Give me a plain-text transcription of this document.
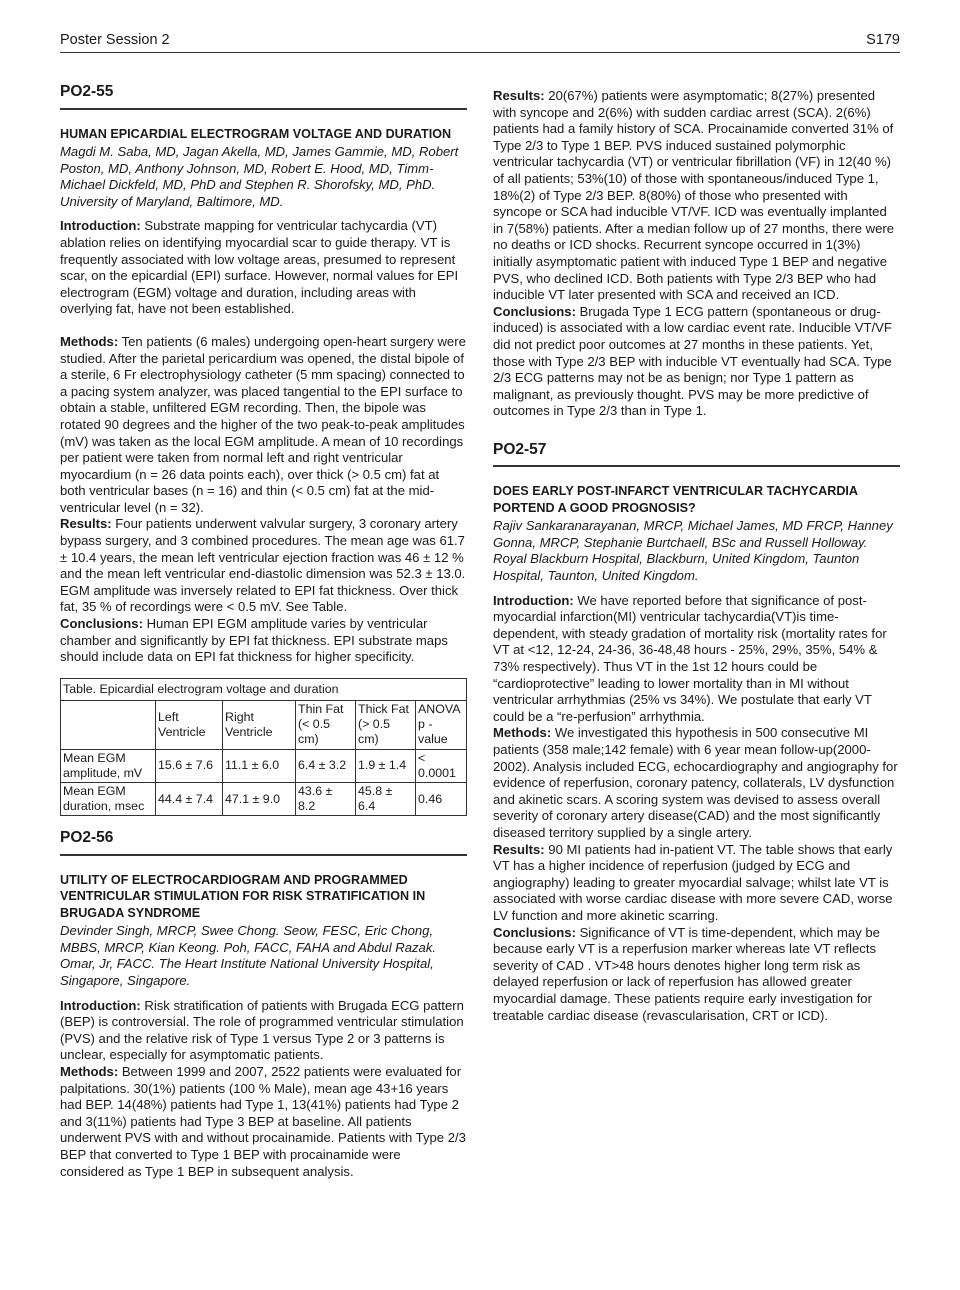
Poster Session 2	S179
PO2-55
HUMAN EPICARDIAL ELECTROGRAM VOLTAGE AND DURATION

Magdi M. Saba, MD, Jagan Akella, MD, James Gammie, MD, Robert Poston, MD, Anthony Johnson, MD, Robert E. Hood, MD, Timm-Michael Dickfeld, MD, PhD and Stephen R. Shorofsky, MD, PhD. University of Maryland, Baltimore, MD.

Introduction: Substrate mapping for ventricular tachycardia (VT) ablation relies on identifying myocardial scar to guide therapy. VT is frequently associated with low voltage areas, presumed to represent scar, on the epicardial (EPI) surface. However, normal values for EPI electrogram (EGM) voltage and duration, including areas with overlying fat, have not been established.

Methods: Ten patients (6 males) undergoing open-heart surgery were studied. After the parietal pericardium was opened, the distal bipole of a sterile, 6 Fr electrophysiology catheter (5 mm spacing) connected to a pacing system analyzer, was placed tangential to the EPI surface to obtain a stable, unfiltered EGM recording. Then, the bipole was rotated 90 degrees and the higher of the two peak-to-peak amplitudes (mV) was taken as the local EGM amplitude. A mean of 10 recordings per patient were taken from normal left and right ventricular myocardium (n = 26 data points each), over thick (> 0.5 cm) fat at both ventricular bases (n = 16) and thin (< 0.5 cm) fat at the mid-ventricular level (n = 32).

Results: Four patients underwent valvular surgery, 3 coronary artery bypass surgery, and 3 combined procedures. The mean age was 61.7 ± 10.4 years, the mean left ventricular ejection fraction was 46 ± 12 % and the mean left ventricular end-diastolic dimension was 52.3 ± 13.0. EGM amplitude was inversely related to EPI fat thickness. Over thick fat, 35 % of recordings were < 0.5 mV. See Table.

Conclusions: Human EPI EGM amplitude varies by ventricular chamber and significantly by EPI fat thickness. EPI substrate maps should include data on EPI fat thickness for higher specificity.

Table. Epicardial electrogram voltage and duration					
	Left Ventricle	Right Ventricle	Thin Fat (< 0.5 cm)	Thick Fat (> 0.5 cm)	ANOVA p - value
Mean EGM amplitude, mV	15.6 ± 7.6	11.1 ± 6.0	6.4 ± 3.2	1.9 ± 1.4	< 0.0001
Mean EGM duration, msec	44.4 ± 7.4	47.1 ± 9.0	43.6 ± 8.2	45.8 ± 6.4	0.46
PO2-56
UTILITY OF ELECTROCARDIOGRAM AND PROGRAMMED VENTRICULAR STIMULATION FOR RISK STRATIFICATION IN BRUGADA SYNDROME

Devinder Singh, MRCP, Swee Chong. Seow, FESC, Eric Chong, MBBS, MRCP, Kian Keong. Poh, FACC, FAHA and Abdul Razak. Omar, Jr, FACC. The Heart Institute National University Hospital, Singapore, Singapore.

Introduction: Risk stratification of patients with Brugada ECG pattern (BEP) is controversial. The role of programmed ventricular stimulation (PVS) and the relative risk of Type 1 versus Type 2 or 3 patterns is unclear, especially for asymptomatic patients.

Methods: Between 1999 and 2007, 2522 patients were evaluated for palpitations. 30(1%) patients (100 % Male), mean age 43+16 years had BEP. 14(48%) patients had Type 1, 13(41%) patients had Type 2 and 3(11%) patients had Type 3 BEP at baseline. All patients underwent PVS with and without procainamide. Patients with Type 2/3 BEP that converted to Type 1 BEP with procainamide were considered as Type 1 BEP in subsequent analysis.

Results: 20(67%) patients were asymptomatic; 8(27%) presented with syncope and 2(6%) with sudden cardiac arrest (SCA). 2(6%) patients had a family history of SCA. Procainamide converted 31% of Type 2/3 to Type 1 BEP. PVS induced sustained polymorphic ventricular tachycardia (VT) or ventricular fibrillation (VF) in 12(40 %) of all patients; 53%(10) of those with spontaneous/induced Type 1, 18%(2) of Type 2/3 BEP. 8(80%) of those who presented with syncope or SCA had inducible VT/VF. ICD was eventually implanted in 7(58%) patients. After a median follow up of 27 months, there were no deaths or ICD shocks. Recurrent syncope occurred in 1(3%) initially asymptomatic patient with induced Type 1 BEP and negative PVS, who declined ICD. Both patients with Type 2/3 BEP who had inducible VT later presented with SCA and received an ICD.

Conclusions: Brugada Type 1 ECG pattern (spontaneous or drug-induced) is associated with a low cardiac event rate. Inducible VT/VF did not predict poor outcomes at 27 months in these patients. Yet, those with Type 2/3 BEP with inducible VT eventually had SCA. Type 2/3 ECG patterns may not be as benign; nor Type 1 pattern as malignant, as previously thought. PVS may be more predictive of outcomes in Type 2/3 than in Type 1.

PO2-57
DOES EARLY POST-INFARCT VENTRICULAR TACHYCARDIA PORTEND A GOOD PROGNOSIS?

Rajiv Sankaranarayanan, MRCP, Michael James, MD FRCP, Hanney Gonna, MRCP, Stephanie Burtchaell, BSc and Russell Holloway. Royal Blackburn Hospital, Blackburn, United Kingdom, Taunton Hospital, Taunton, United Kingdom.

Introduction: We have reported before that significance of post-myocardial infarction(MI) ventricular tachycardia(VT)is time-dependent, with steady gradation of mortality risk (mortality rates for VT at <12, 12-24, 24-36, 36-48,48 hours - 25%, 29%, 35%, 54% & 73% respectively). Thus VT in the 1st 12 hours could be “cardioprotective” leading to lower mortality than in MI without ventricular arrhythmias (25% vs 34%). We postulate that early VT could be a “re-perfusion” arrhythmia.

Methods: We investigated this hypothesis in 500 consecutive MI patients (358 male;142 female) with 6 year mean follow-up(2000-2002). Analysis included ECG, echocardiography and angiography for evidence of reperfusion, coronary patency, collaterals, LV dysfunction and akinetic scars. A scoring system was devised to assess overall severity of coronary artery disease(CAD) and the most significantly diseased territory supplied by a single artery.

Results: 90 MI patients had in-patient VT. The table shows that early VT has a higher incidence of reperfusion (judged by ECG and angiography) leading to greater myocardial salvage; whilst late VT is associated with worse cardiac disease with more severe CAD, worse LV function and more akinetic scarring.

Conclusions: Significance of VT is time-dependent, which may be because early VT is a reperfusion marker whereas late VT reflects severity of CAD . VT>48 hours denotes higher long term risk as delayed reperfusion or lack of reperfusion has allowed greater myocardial damage. These patients require early investigation for treatable cardiac disease (revascularisation, CRT or ICD).
